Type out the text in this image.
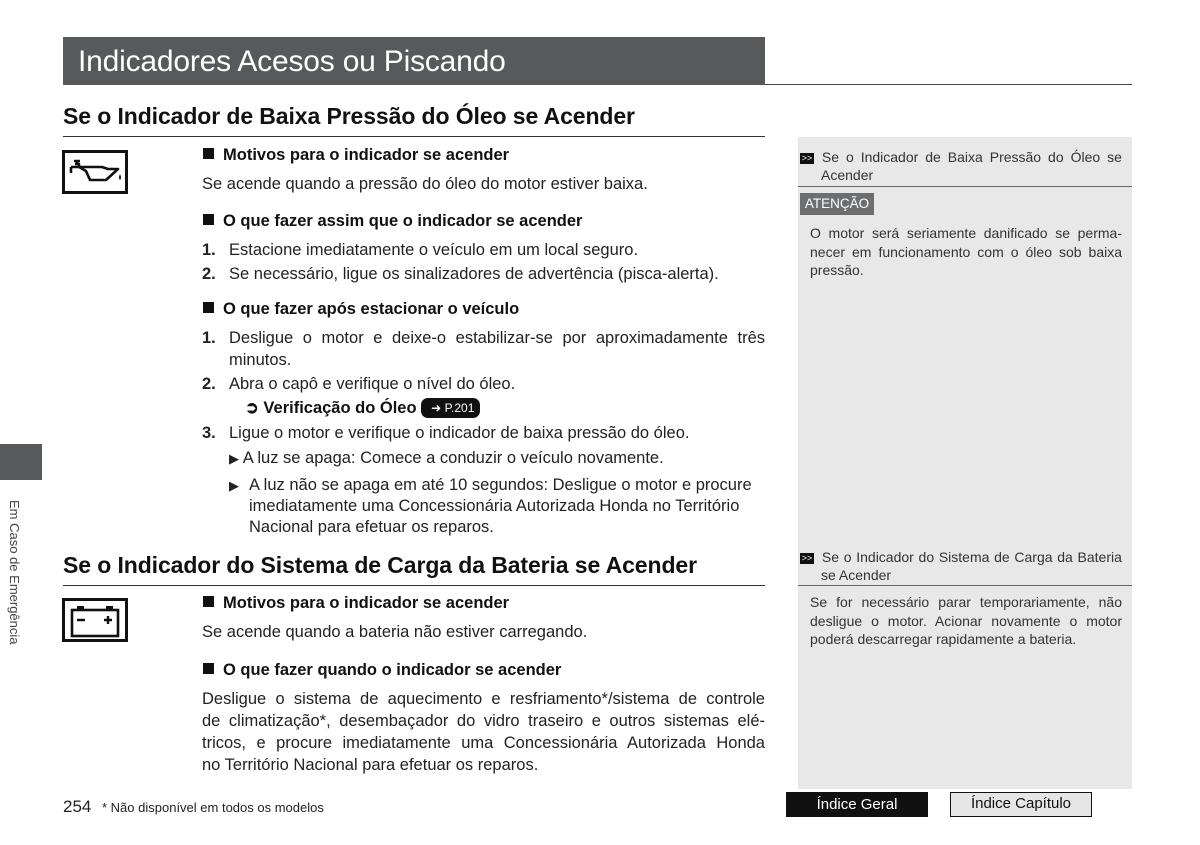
Indicadores Acesos ou Piscando
Em Caso de Emergência
>> Se o Indicador de Baixa Pressão do Óleo se
Acender
ATENÇÃO
O motor será seriamente danificado se perma-
necer em funcionamento com o óleo sob baixa
pressão.
>> Se o Indicador do Sistema de Carga da Bateria
se Acender
Se for necessário parar temporariamente, não
desligue o motor. Acionar novamente o motor
poderá descarregar rapidamente a bateria.
Se o Indicador de Baixa Pressão do Óleo se Acender
Motivos para o indicador se acender
Se acende quando a pressão do óleo do motor estiver baixa.
O que fazer assim que o indicador se acender
1. Estacione imediatamente o veículo em um local seguro.
2. Se necessário, ligue os sinalizadores de advertência (pisca-alerta).
O que fazer após estacionar o veículo
1. Desligue o motor e deixe-o estabilizar-se por aproximadamente três
minutos.
2. Abra o capô e verifique o nível do óleo.
➲ Verificação do Óleo ➜ P.201
3. Ligue o motor e verifique o indicador de baixa pressão do óleo.
▶ A luz se apaga: Comece a conduzir o veículo novamente.
▶ A luz não se apaga em até 10 segundos: Desligue o motor e procure
imediatamente uma Concessionária Autorizada Honda no Território
Nacional para efetuar os reparos.
Se o Indicador do Sistema de Carga da Bateria se Acender
Motivos para o indicador se acender
Se acende quando a bateria não estiver carregando.
O que fazer quando o indicador se acender
Desligue o sistema de aquecimento e resfriamento*/sistema de controle
de climatização*, desembaçador do vidro traseiro e outros sistemas elé-
tricos, e procure imediatamente uma Concessionária Autorizada Honda
no Território Nacional para efetuar os reparos.
254 * Não disponível em todos os modelos	Índice Geral	Índice Capítulo
